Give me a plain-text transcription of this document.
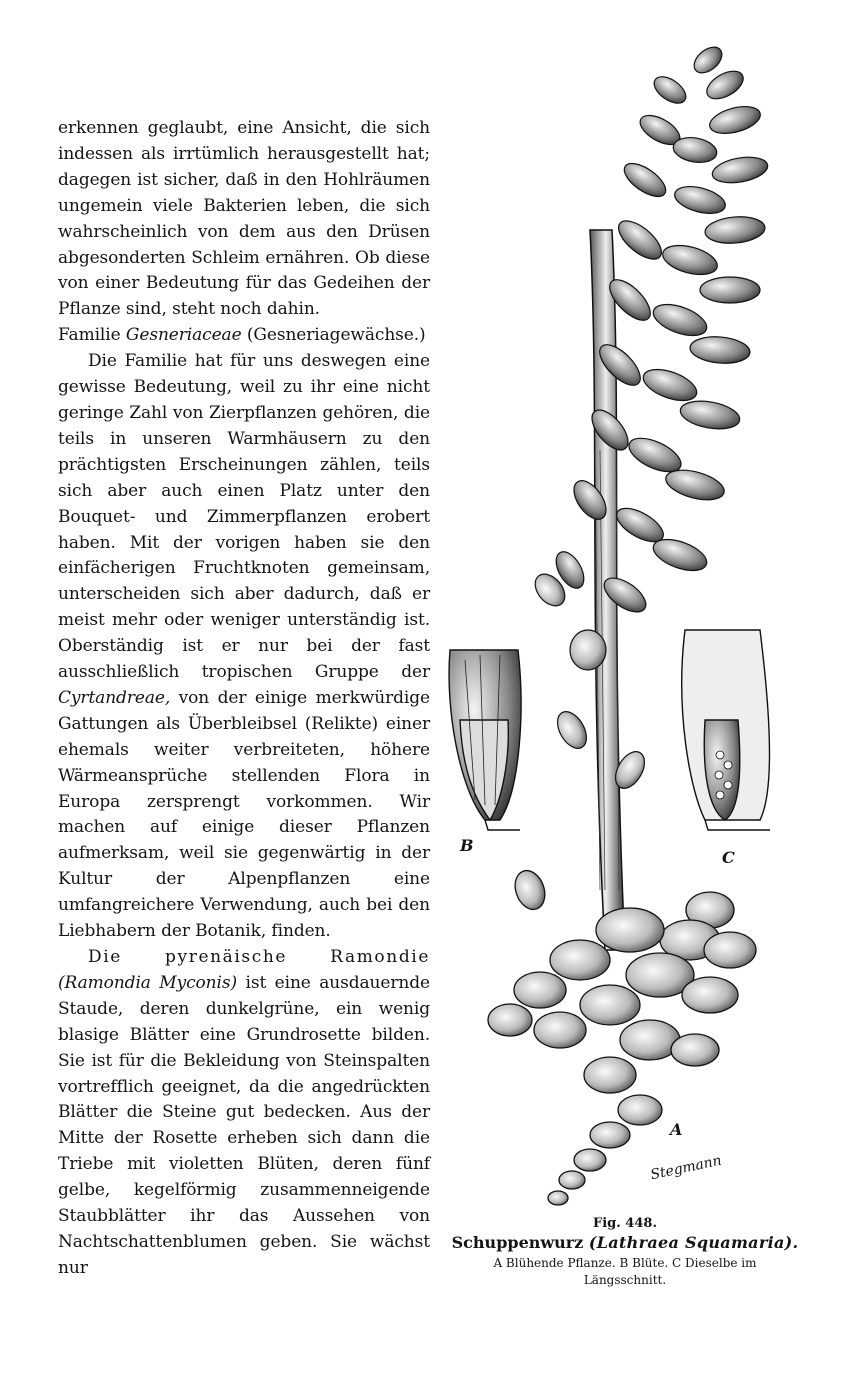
erkennen geglaubt, eine Ansicht, die sich indessen als irrtümlich herausgestellt hat; dagegen ist sicher, daß in den Hohlräumen ungemein viele Bakterien leben, die sich wahrscheinlich von dem aus den Drüsen abgesonderten Schleim ernähren. Ob diese von einer Bedeutung für das Gedeihen der Pflanze sind, steht noch dahin.

Familie Gesneriaceae (Gesneriagewächse.)

Die Familie hat für uns deswegen eine gewisse Bedeutung, weil zu ihr eine nicht geringe Zahl von Zierpflanzen gehören, die teils in unseren Warmhäusern zu den prächtigsten Erscheinungen zählen, teils sich aber auch einen Platz unter den Bouquet- und Zimmerpflanzen erobert haben. Mit der vorigen haben sie den einfächerigen Fruchtknoten gemeinsam, unterscheiden sich aber dadurch, daß er meist mehr oder weniger unterständig ist. Oberständig ist er nur bei der fast ausschließlich tropischen Gruppe der Cyrtandreae, von der einige merkwürdige Gattungen als Überbleibsel (Relikte) einer ehemals weiter verbreiteten, höhere Wärmeansprüche stellenden Flora in Europa zersprengt vorkommen. Wir machen auf einige dieser Pflanzen aufmerksam, weil sie gegenwärtig in der Kultur der Alpenpflanzen eine umfangreichere Verwendung, auch bei den Liebhabern der Botanik, finden.

Die pyrenäische Ramondie (Ramondia Myconis) ist eine ausdauernde Staude, deren dunkelgrüne, ein wenig blasige Blätter eine Grundrosette bilden. Sie ist für die Bekleidung von Steinspalten vortrefflich geeignet, da die angedrückten Blätter die Steine gut bedecken. Aus der Mitte der Rosette erheben sich dann die Triebe mit violetten Blüten, deren fünf gelbe, kegelförmig zusammenneigende Staubblätter ihr das Aussehen von Nachtschattenblumen geben. Sie wächst nur

B
C
A
Stegmann
Fig. 448.
Schuppenwurz (Lathraea Squamaria).
A Blühende Pflanze. B Blüte. C Dieselbe im
Längsschnitt.
